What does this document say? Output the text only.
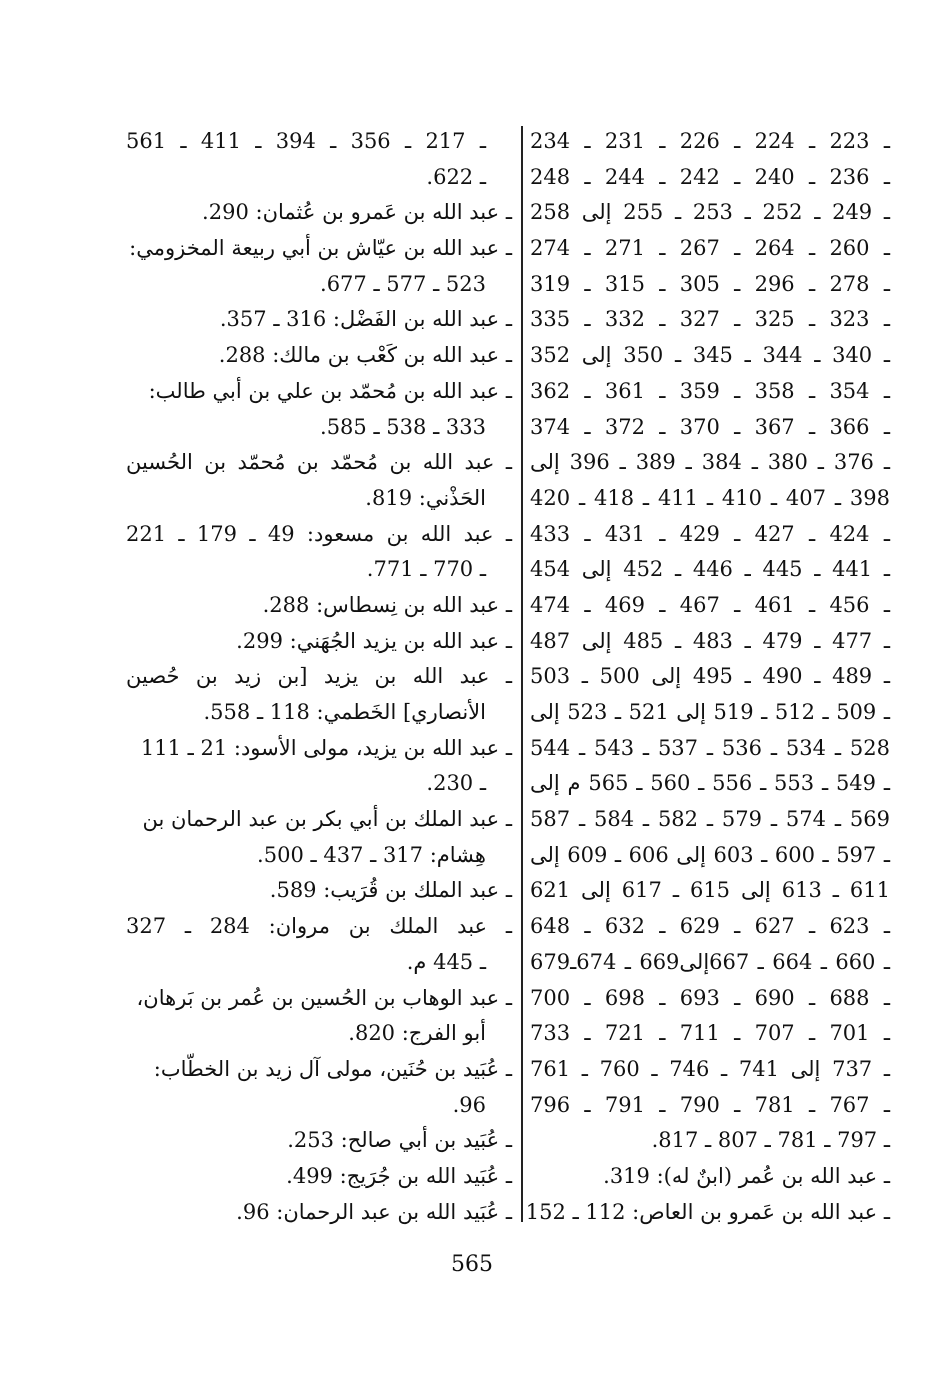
ـ 223 ـ 224 ـ 226 ـ 231 ـ 234
ـ 236 ـ 240 ـ 242 ـ 244 ـ 248
ـ 249 ـ 252 ـ 253 ـ 255 إلى 258
ـ 260 ـ 264 ـ 267 ـ 271 ـ 274
ـ 278 ـ 296 ـ 305 ـ 315 ـ 319
ـ 323 ـ 325 ـ 327 ـ 332 ـ 335
ـ 340 ـ 344 ـ 345 ـ 350 إلى 352
ـ 354 ـ 358 ـ 359 ـ 361 ـ 362
ـ 366 ـ 367 ـ 370 ـ 372 ـ 374
ـ 376 ـ 380 ـ 384 ـ 389 ـ 396 إلى
398 ـ 407 ـ 410 ـ 411 ـ 418 ـ 420
ـ 424 ـ 427 ـ 429 ـ 431 ـ 433
ـ 441 ـ 445 ـ 446 ـ 452 إلى 454
ـ 456 ـ 461 ـ 467 ـ 469 ـ 474
ـ 477 ـ 479 ـ 483 ـ 485 إلى 487
ـ 489 ـ 490 ـ 495 إلى 500 ـ 503
ـ 509 ـ 512 ـ 519 إلى 521 ـ 523 إلى
528 ـ 534 ـ 536 ـ 537 ـ 543 ـ 544
ـ 549 ـ 553 ـ 556 ـ 560 ـ 565 م إلى
569 ـ 574 ـ 579 ـ 582 ـ 584 ـ 587
ـ 597 ـ 600 ـ 603 إلى 606 ـ 609 إلى
611 ـ 613 إلى 615 ـ 617 إلى 621
ـ 623 ـ 627 ـ 629 ـ 632 ـ 648
ـ 660 ـ 664 ـ 667إلى669 ـ 674ـ679
ـ 688 ـ 690 ـ 693 ـ 698 ـ 700
ـ 701 ـ 707 ـ 711 ـ 721 ـ 733
ـ 737 إلى 741 ـ 746 ـ 760 ـ 761
ـ 767 ـ 781 ـ 790 ـ 791 ـ 796
ـ 797 ـ 781 ـ 807 ـ 817.
ـ عبد الله بن عُمر (ابنٌ له): 319.
ـ عبد الله بن عَمرو بن العاص: 112 ـ 152
ـ 217 ـ 356 ـ 394 ـ 411 ـ 561
ـ 622.
ـ عبد الله بن عَمرو بن عُثمان: 290.
ـ عبد الله بن عيّاش بن أبي ربيعة المخزومي:
523 ـ 577 ـ 677.
ـ عبد الله بن الفَضْل: 316 ـ 357.
ـ عبد الله بن كَعْب بن مالك: 288.
ـ عبد الله بن مُحمّد بن علي بن أبي طالب:
333 ـ 538 ـ 585.
ـ عبد الله بن مُحمّد بن مُحمّد بن الحُسين
الحَذْني: 819.
ـ عبد الله بن مسعود: 49 ـ 179 ـ 221
ـ 770 ـ 771.
ـ عبد الله بن نِسطاس: 288.
ـ عبد الله بن يزيد الجُهَني: 299.
ـ عبد الله بن يزيد [بن زيد بن حُصين
الأنصاري] الخَطمي: 118 ـ 558.
ـ عبد الله بن يزيد، مولى الأسود: 21 ـ 111
ـ 230.
ـ عبد الملك بن أبي بكر بن عبد الرحمان بن
هِشام: 317 ـ 437 ـ 500.
ـ عبد الملك بن قُرَيب: 589.
ـ عبد الملك بن مروان: 284 ـ 327
ـ 445 م.
ـ عبد الوهاب بن الحُسين بن عُمر بن بَرهان،
أبو الفرج: 820.
ـ عُبَيد بن حُنَين، مولى آل زيد بن الخطّاب:
96.
ـ عُبَيد بن أبي صالح: 253.
ـ عُبَيد الله بن جُرَيج: 499.
ـ عُبَيد الله بن عبد الرحمان: 96.
565
